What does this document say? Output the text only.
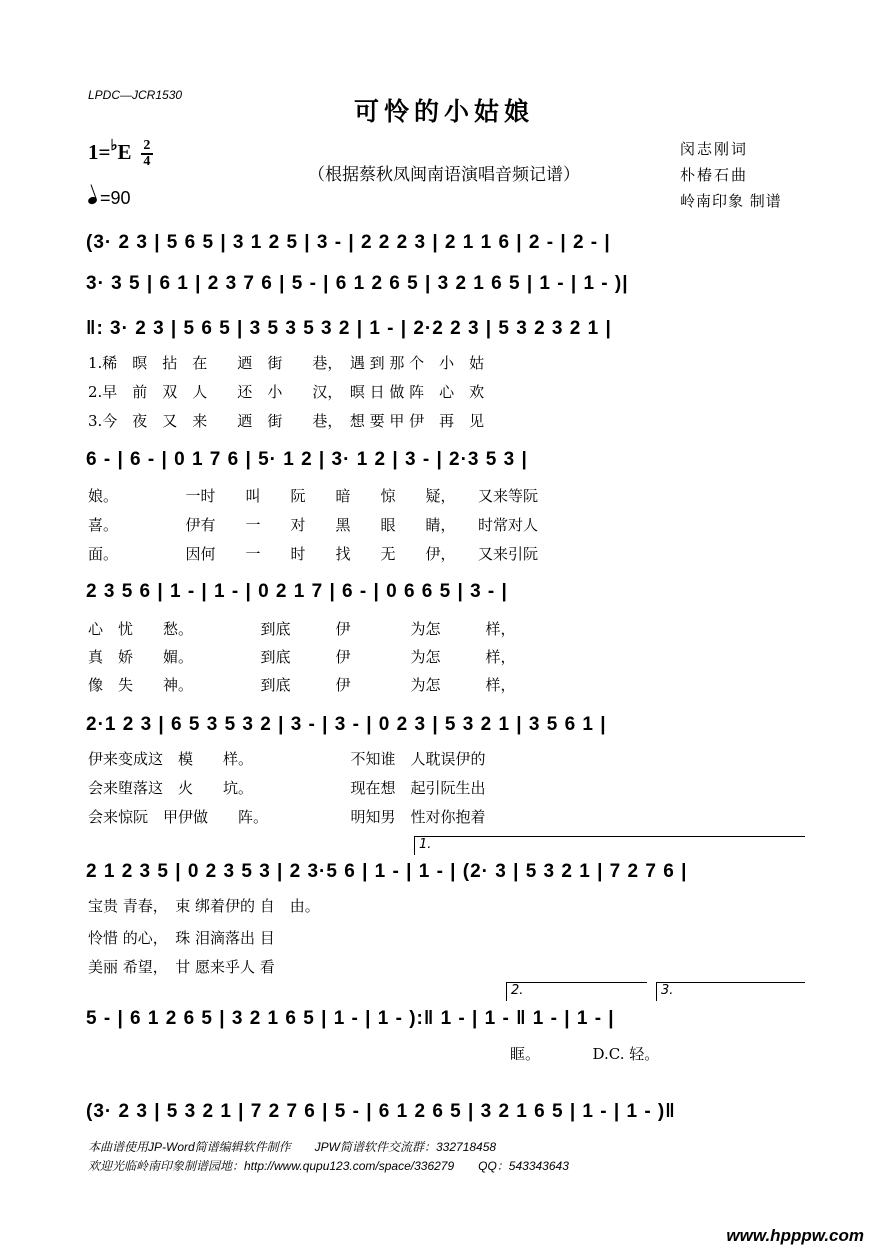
LPDC—JCR1530
可怜的小姑娘
$1=^♭E \frac{2}{4}$
（根据蔡秋凤闽南语演唱音频记谱）
闵志刚词
朴椿石曲
岭南印象 制谱
=90
(3· 2 3 | 5 6 5 | 3 1 2 5 | 3 - | 2 2 2 3 | 2 1 1 6 | 2 - | 2 - |
3· 3 5 | 6 1 | 2 3 7 6 | 5 - | 6 1 2 6 5 | 3 2 1 6 5 | 1 - | 1 - )|
‖: 3· 2 3 | 5 6 5 | 3 5 3 5 3 2 | 1 - | 2·2 2 3 | 5 3 2 3 2 1 |
1.稀　暝　拈　在　　迺　街　　巷，　遇 到 那 个　小　姑
2.早　前　双　人　　还　小　　汉，　暝 日 做 阵　心　欢
3.今　夜　又　来　　迺　街　　巷，　想 要 甲 伊　再　见
6 - | 6 - | 0 1 7 6 | 5· 1 2 | 3· 1 2 | 3 - | 2·3 5 3 |
娘。　　　　　一时　　叫　　阮　　暗　　惊　　疑，　　又来等阮
喜。　　　　　伊有　　一　　对　　黑　　眼　　睛，　　时常对人
面。　　　　　因何　　一　　时　　找　　无　　伊，　　又来引阮
2 3 5 6 | 1 - | 1 - | 0 2 1 7 | 6 - | 0 6 6 5 | 3 - |
心　忧　　愁。　　　　　到底　　　伊　　　　为怎　　　样，
真　娇　　媚。　　　　　到底　　　伊　　　　为怎　　　样，
像　失　　神。　　　　　到底　　　伊　　　　为怎　　　样，
2·1 2 3 | 6 5 3 5 3 2 | 3 - | 3 - | 0 2 3 | 5 3 2 1 | 3 5 6 1 |
伊来变成这　模　　样。　　　　　　　不知谁　人耽误伊的
会来堕落这　火　　坑。　　　　　　　现在想　起引阮生出
会来惊阮　甲伊做　　阵。　　　　　　明知男　性对你抱着
1.
2 1 2 3 5 | 0 2 3 5 3 | 2 3·5 6 | 1 - | 1 - | (2· 3 | 5 3 2 1 | 7 2 7 6 |
宝贵 青春，　束 绑着伊的 自　由。
怜惜 的心，　珠 泪滴落出 目
美丽 希望，　甘 愿来乎人 看
2.	3.
5 - | 6 1 2 6 5 | 3 2 1 6 5 | 1 - | 1 - ):‖ 1 - | 1 - ‖ 1 - | 1 - |
眶。　　　　D.C. 轻。
(3· 2 3 | 5 3 2 1 | 7 2 7 6 | 5 - | 6 1 2 6 5 | 3 2 1 6 5 | 1 - | 1 - )‖
本曲谱使用JP-Word简谱编辑软件制作　　JPW简谱软件交流群：332718458
欢迎光临岭南印象制谱园地：http://www.qupu123.com/space/336279　　QQ：543343643
www.hpppw.com
